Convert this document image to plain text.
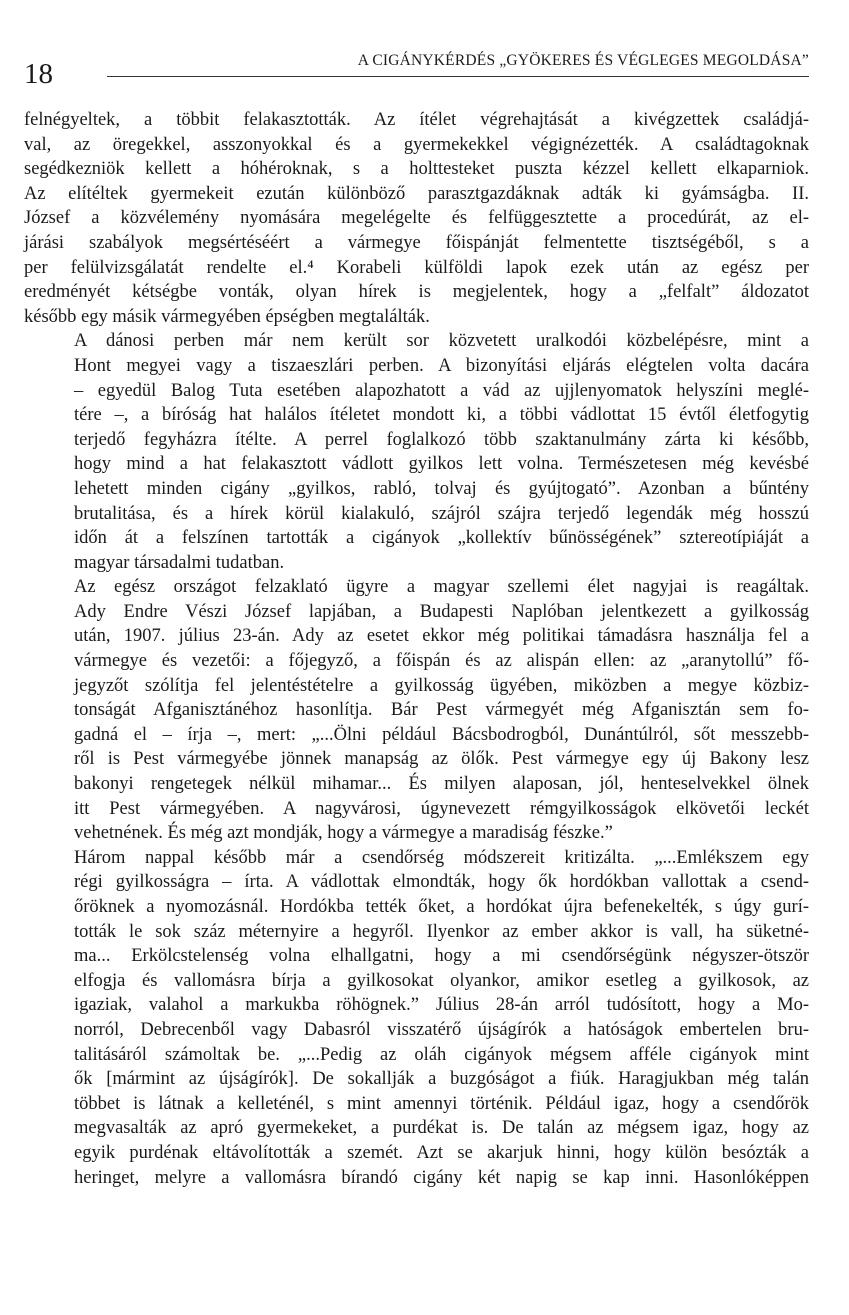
18	A CIGÁNYKÉRDÉS „GYÖKERES ÉS VÉGLEGES MEGOLDÁSA”

felnégyeltek, a többit felakasztották. Az ítélet végrehajtását a kivégzettek családjá-
val, az öregekkel, asszonyokkal és a gyermekekkel végignézették. A családtagoknak
segédkezniök kellett a hóhéroknak, s a holttesteket puszta kézzel kellett elkaparniok.
Az elítéltek gyermekeit ezután különböző parasztgazdáknak adták ki gyámságba. II.
József a közvélemény nyomására megelégelte és felfüggesztette a procedúrát, az el-
járási szabályok megsértéséért a vármegye főispánját felmentette tisztségéből, s a
per felülvizsgálatát rendelte el.⁴ Korabeli külföldi lapok ezek után az egész per
eredményét kétségbe vonták, olyan hírek is megjelentek, hogy a „felfalt” áldozatot
később egy másik vármegyében épségben megtalálták.

A dánosi perben már nem került sor közvetett uralkodói közbelépésre, mint a
Hont megyei vagy a tiszaeszlári perben. A bizonyítási eljárás elégtelen volta dacára
– egyedül Balog Tuta esetében alapozhatott a vád az ujjlenyomatok helyszíni meglé-
tére –, a bíróság hat halálos ítéletet mondott ki, a többi vádlottat 15 évtől életfogytig
terjedő fegyházra ítélte. A perrel foglalkozó több szaktanulmány zárta ki később,
hogy mind a hat felakasztott vádlott gyilkos lett volna. Természetesen még kevésbé
lehetett minden cigány „gyilkos, rabló, tolvaj és gyújtogató”. Azonban a bűntény
brutalitása, és a hírek körül kialakuló, szájról szájra terjedő legendák még hosszú
időn át a felszínen tartották a cigányok „kollektív bűnösségének” sztereotípiáját a
magyar társadalmi tudatban.

Az egész országot felzaklató ügyre a magyar szellemi élet nagyjai is reagáltak.
Ady Endre Vészi József lapjában, a Budapesti Naplóban jelentkezett a gyilkosság
után, 1907. július 23-án. Ady az esetet ekkor még politikai támadásra használja fel a
vármegye és vezetői: a főjegyző, a főispán és az alispán ellen: az „aranytollú” fő-
jegyzőt szólítja fel jelentéstételre a gyilkosság ügyében, miközben a megye közbiz-
tonságát Afganisztánéhoz hasonlítja. Bár Pest vármegyét még Afganisztán sem fo-
gadná el – írja –, mert: „...Ölni például Bácsbodrogból, Dunántúlról, sőt messzebb-
ről is Pest vármegyébe jönnek manapság az ölők. Pest vármegye egy új Bakony lesz
bakonyi rengetegek nélkül mihamar... És milyen alaposan, jól, henteselvekkel ölnek
itt Pest vármegyében. A nagyvárosi, úgynevezett rémgyilkosságok elkövetői leckét
vehetnének. És még azt mondják, hogy a vármegye a maradiság fészke.”

Három nappal később már a csendőrség módszereit kritizálta. „...Emlékszem egy
régi gyilkosságra – írta. A vádlottak elmondták, hogy ők hordókban vallottak a csend-
őröknek a nyomozásnál. Hordókba tették őket, a hordókat újra befenekelték, s úgy gurí-
tották le sok száz méternyire a hegyről. Ilyenkor az ember akkor is vall, ha süketné-
ma... Erkölcstelenség volna elhallgatni, hogy a mi csendőrségünk négyszer-ötször
elfogja és vallomásra bírja a gyilkosokat olyankor, amikor esetleg a gyilkosok, az
igaziak, valahol a markukba röhögnek.” Július 28-án arról tudósított, hogy a Mo-
norról, Debrecenből vagy Dabasról visszatérő újságírók a hatóságok embertelen bru-
talitásáról számoltak be. „...Pedig az oláh cigányok mégsem afféle cigányok mint
ők [mármint az újságírók]. De sokallják a buzgóságot a fiúk. Haragjukban még talán
többet is látnak a kelleténél, s mint amennyi történik. Például igaz, hogy a csendőrök
megvasalták az apró gyermekeket, a purdékat is. De talán az mégsem igaz, hogy az
egyik purdénak eltávolították a szemét. Azt se akarjuk hinni, hogy külön besózták a
heringet, melyre a vallomásra bírandó cigány két napig se kap inni. Hasonlóképpen
